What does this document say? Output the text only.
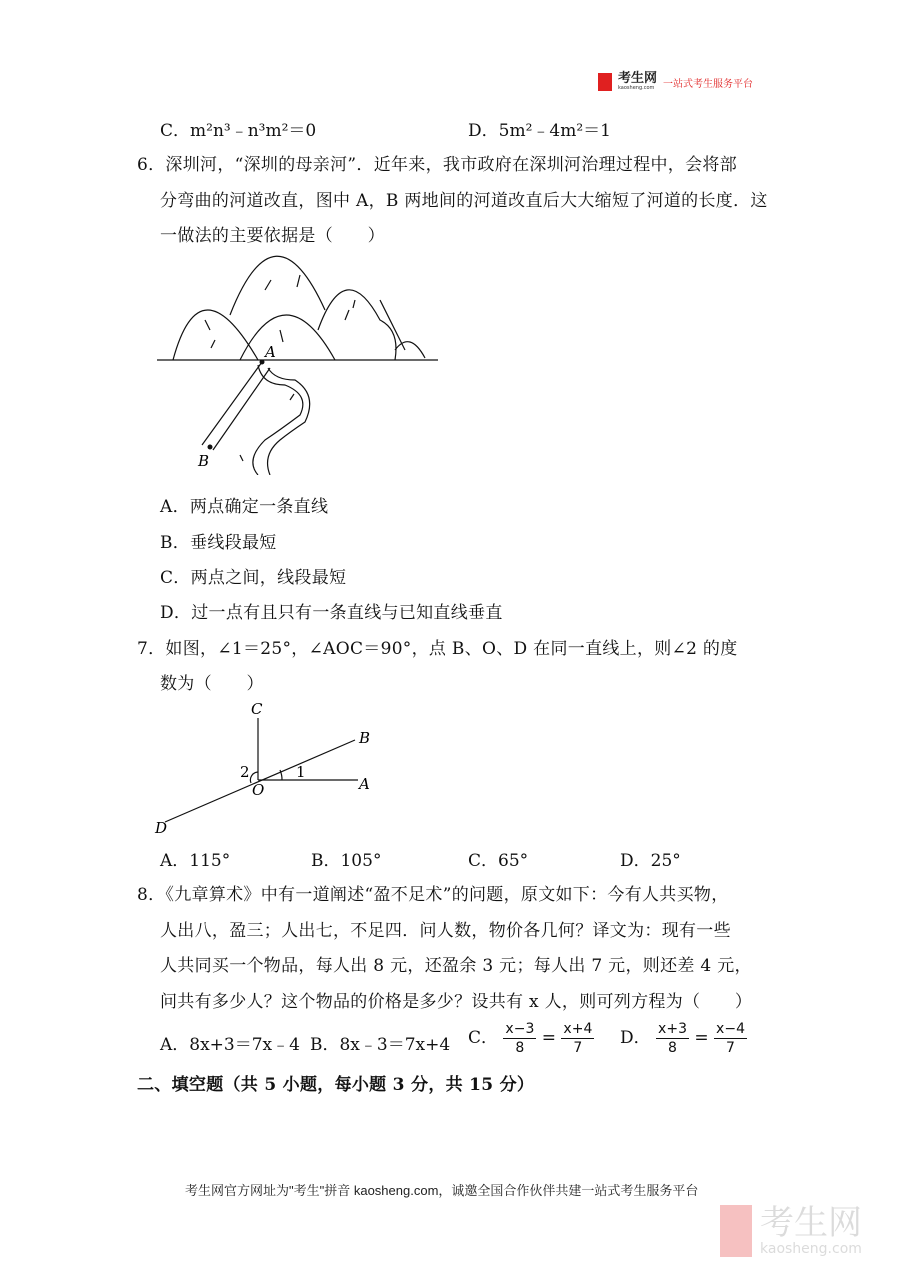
考生网
kaosheng.com 一站式考生服务平台
C．m²n³﹣n³m²＝0	D．5m²﹣4m²＝1
6．深圳河，“深圳的母亲河”．近年来，我市政府在深圳河治理过程中，会将部
分弯曲的河道改直，图中 A，B 两地间的河道改直后大大缩短了河道的长度．这
一做法的主要依据是（　　）
A
B
A．两点确定一条直线
B．垂线段最短
C．两点之间，线段最短
D．过一点有且只有一条直线与已知直线垂直
7．如图，∠1＝25°，∠AOC＝90°，点 B、O、D 在同一直线上，则∠2 的度
数为（　　）
C
B
A
O
D
1
2
A．115°	B．105°	C．65°	D．25°
8．《九章算术》中有一道阐述“盈不足术”的问题，原文如下：今有人共买物，
人出八，盈三；人出七，不足四．问人数，物价各几何？译文为：现有一些
人共同买一个物品，每人出 8 元，还盈余 3 元；每人出 7 元，则还差 4 元，
问共有多少人？这个物品的价格是多少？设共有 x 人，则可列方程为（　　）
A．8x+3＝7x﹣4 B．8x﹣3＝7x+4 C． $\frac{x-3}{8} = \frac{x+4}{7}$ D． $\frac{x+3}{8} = \frac{x-4}{7}$
二、填空题（共 5 小题，每小题 3 分，共 15 分）
考生网官方网址为"考生"拼音 kaosheng.com，诚邀全国合作伙伴共建一站式考生服务平台
考生网
kaosheng.com
